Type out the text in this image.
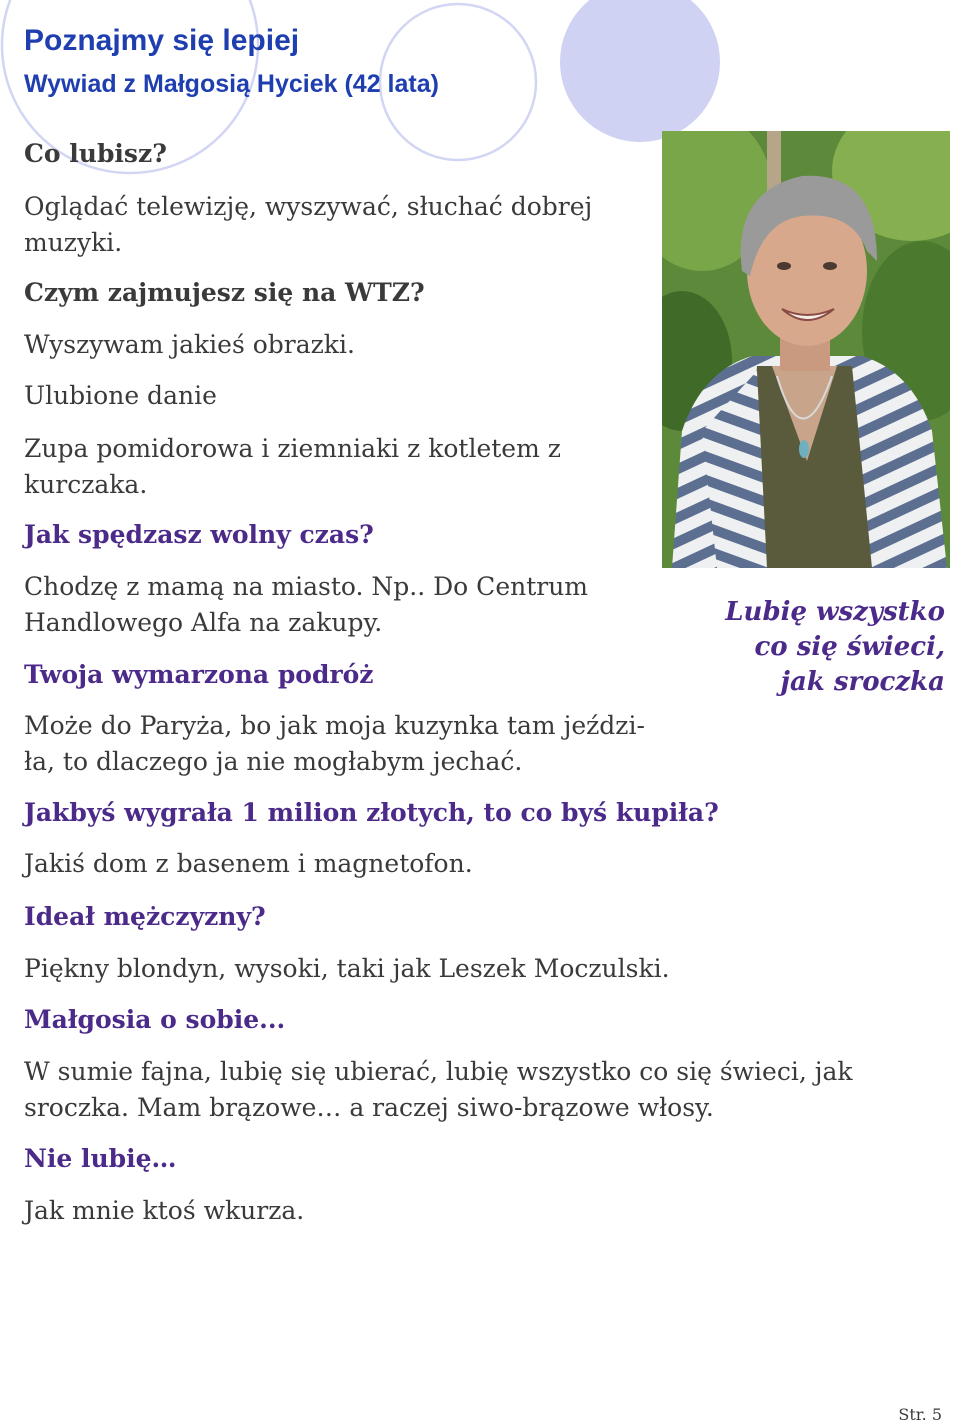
Poznajmy się lepiej
Wywiad z Małgosią Hyciek (42 lata)
Co lubisz?
Oglądać telewizję, wyszywać, słuchać dobrej
muzyki.
Czym zajmujesz się na WTZ?
Wyszywam jakieś obrazki.
Ulubione danie
Zupa pomidorowa i ziemniaki z kotletem z
kurczaka.
Jak spędzasz wolny czas?
Chodzę z mamą na miasto. Np.. Do Centrum
Handlowego Alfa na zakupy.
Twoja wymarzona podróż
Może do Paryża, bo jak moja kuzynka tam jeździ-
ła, to dlaczego ja nie mogłabym jechać.
Jakbyś wygrała 1 milion złotych, to co byś kupiła?
Jakiś dom z basenem i magnetofon.
Ideał mężczyzny?
Piękny blondyn, wysoki, taki jak Leszek Moczulski.
Małgosia o sobie...
W sumie fajna, lubię się ubierać, lubię wszystko co się świeci, jak
sroczka. Mam brązowe… a raczej siwo-brązowe włosy.
Nie lubię…
Jak mnie ktoś wkurza.
Lubię wszystko
co się świeci,
jak sroczka
Str. 5
